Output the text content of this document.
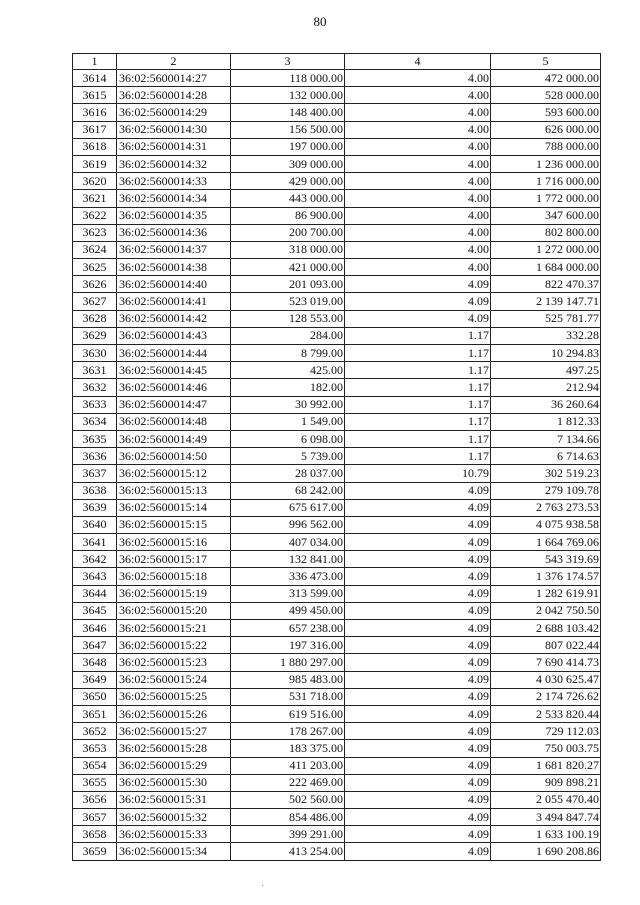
80
1	2	3	4	5
3614	36:02:5600014:27	118 000.00	4.00	472 000.00
3615	36:02:5600014:28	132 000.00	4.00	528 000.00
3616	36:02:5600014:29	148 400.00	4.00	593 600.00
3617	36:02:5600014:30	156 500.00	4.00	626 000.00
3618	36:02:5600014:31	197 000.00	4.00	788 000.00
3619	36:02:5600014:32	309 000.00	4.00	1 236 000.00
3620	36:02:5600014:33	429 000.00	4.00	1 716 000.00
3621	36:02:5600014:34	443 000.00	4.00	1 772 000.00
3622	36:02:5600014:35	86 900.00	4.00	347 600.00
3623	36:02:5600014:36	200 700.00	4.00	802 800.00
3624	36:02:5600014:37	318 000.00	4.00	1 272 000.00
3625	36:02:5600014:38	421 000.00	4.00	1 684 000.00
3626	36:02:5600014:40	201 093.00	4.09	822 470.37
3627	36:02:5600014:41	523 019.00	4.09	2 139 147.71
3628	36:02:5600014:42	128 553.00	4.09	525 781.77
3629	36:02:5600014:43	284.00	1.17	332.28
3630	36:02:5600014:44	8 799.00	1.17	10 294.83
3631	36:02:5600014:45	425.00	1.17	497.25
3632	36:02:5600014:46	182.00	1.17	212.94
3633	36:02:5600014:47	30 992.00	1.17	36 260.64
3634	36:02:5600014:48	1 549.00	1.17	1 812.33
3635	36:02:5600014:49	6 098.00	1.17	7 134.66
3636	36:02:5600014:50	5 739.00	1.17	6 714.63
3637	36:02:5600015:12	28 037.00	10.79	302 519.23
3638	36:02:5600015:13	68 242.00	4.09	279 109.78
3639	36:02:5600015:14	675 617.00	4.09	2 763 273.53
3640	36:02:5600015:15	996 562.00	4.09	4 075 938.58
3641	36:02:5600015:16	407 034.00	4.09	1 664 769.06
3642	36:02:5600015:17	132 841.00	4.09	543 319.69
3643	36:02:5600015:18	336 473.00	4.09	1 376 174.57
3644	36:02:5600015:19	313 599.00	4.09	1 282 619.91
3645	36:02:5600015:20	499 450.00	4.09	2 042 750.50
3646	36:02:5600015:21	657 238.00	4.09	2 688 103.42
3647	36:02:5600015:22	197 316.00	4.09	807 022.44
3648	36:02:5600015:23	1 880 297.00	4.09	7 690 414.73
3649	36:02:5600015:24	985 483.00	4.09	4 030 625.47
3650	36:02:5600015:25	531 718.00	4.09	2 174 726.62
3651	36:02:5600015:26	619 516.00	4.09	2 533 820.44
3652	36:02:5600015:27	178 267.00	4.09	729 112.03
3653	36:02:5600015:28	183 375.00	4.09	750 003.75
3654	36:02:5600015:29	411 203.00	4.09	1 681 820.27
3655	36:02:5600015:30	222 469.00	4.09	909 898.21
3656	36:02:5600015:31	502 560.00	4.09	2 055 470.40
3657	36:02:5600015:32	854 486.00	4.09	3 494 847.74
3658	36:02:5600015:33	399 291.00	4.09	1 633 100.19
3659	36:02:5600015:34	413 254.00	4.09	1 690 208.86
